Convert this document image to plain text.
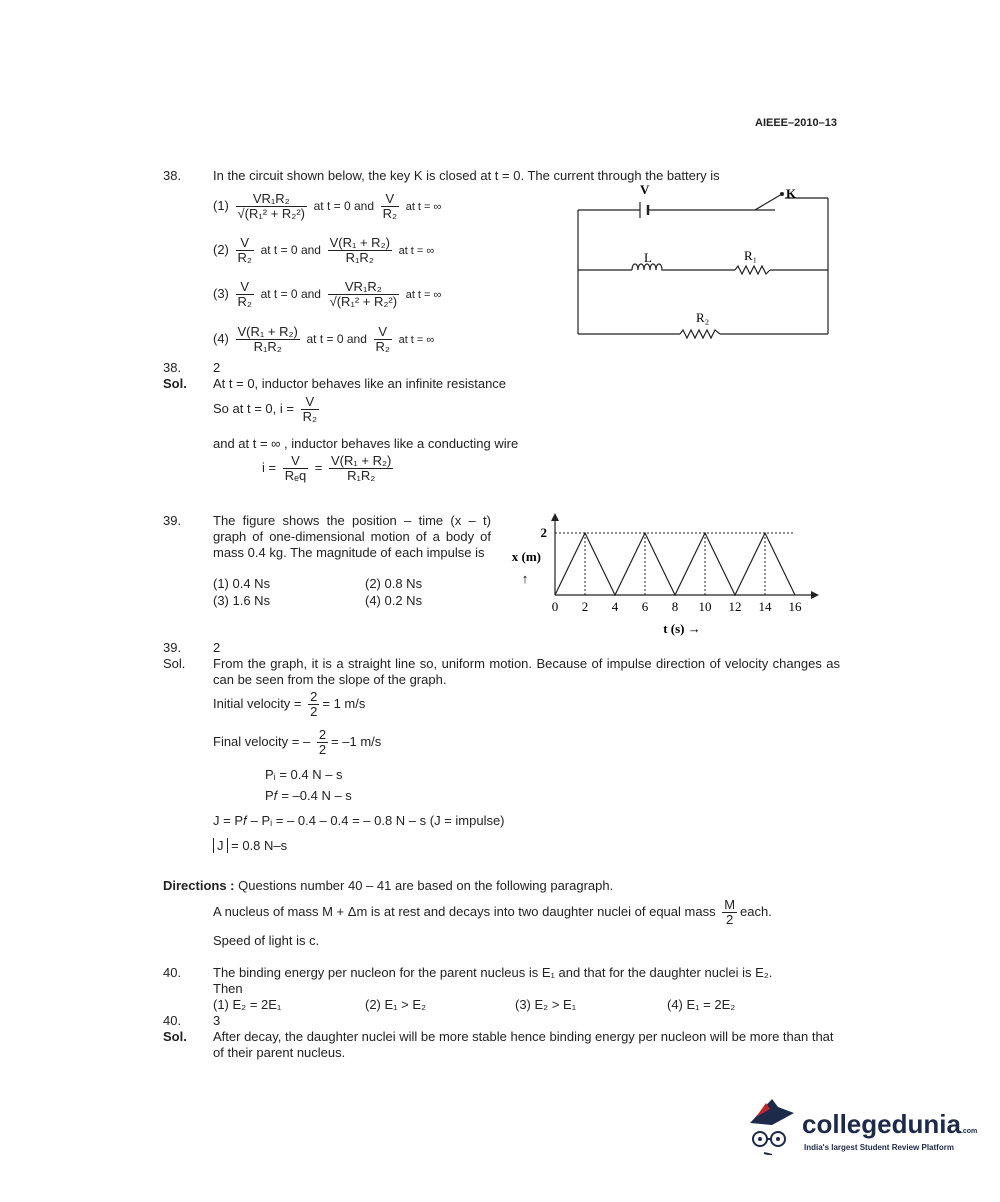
AIEEE–2010–13
38. In the circuit shown below, the key K is closed at t = 0. The current through the battery is
$(1) \frac{\text{VR₁R₂}}{\text{√(R₁² + R₂²)}}$ at t = 0 and $\frac{V}{\text{R₂}}$ at t = ∞
$(2) \frac{V}{\text{R₂}}$ at t = 0 and $\frac{\text{V(R₁ + R₂)}}{\text{R₁R₂}}$ at t = ∞
$(3) \frac{V}{\text{R₂}}$ at t = 0 and $\frac{\text{VR₁R₂}}{\text{√(R₁² + R₂²)}}$ at t = ∞
$(4) \frac{\text{V(R₁ + R₂)}}{\text{R₁R₂}}$ at t = 0 and $\frac{V}{\text{R₂}}$ at t = ∞
V	K
L	R₁
R₂
38. 2
Sol. At t = 0, inductor behaves like an infinite resistance
So at t = 0, $i = \frac{V}{\text{R₂}}$
and at t = ∞ , inductor behaves like a conducting wire
$i = \frac{V}{\text{Rₑq}} = \frac{\text{V(R₁ + R₂)}}{\text{R₁R₂}}$
39. The figure shows the position – time (x – t) graph of one-dimensional motion of a body of mass 0.4 kg. The magnitude of each impulse is
(1) 0.4 Ns	(2) 0.8 Ns
(3) 1.6 Ns	(4) 0.2 Ns	0 2 4 6 8 10 12 14 16
2
x (m)
↑
t (s) →
39. 2
Sol. From the graph, it is a straight line so, uniform motion. Because of impulse direction of velocity changes as can be seen from the slope of the graph.
Initial velocity = $\frac{2}{2} = 1$ m/s
Final velocity = – $\frac{2}{2} = -1$ m/s
Pᵢ = 0.4 N – s
P𝑓 = –0.4 N – s
J = P𝑓 – Pᵢ = – 0.4 – 0.4 = – 0.8 N – s (J = impulse)
J = 0.8 N–s
Directions : Questions number 40 – 41 are based on the following paragraph.
A nucleus of mass M + Δm is at rest and decays into two daughter nuclei of equal mass $\frac{M}{2}$ each.
Speed of light is c.
40. The binding energy per nucleon for the parent nucleus is E₁ and that for the daughter nuclei is E₂.
Then
(1) E₂ = 2E₁	(2) E₁ > E₂	(3) E₂ > E₁	(4) E₁ = 2E₂
40. 3
Sol. After decay, the daughter nuclei will be more stable hence binding energy per nucleon will be more than that of their parent nucleus.
collegedunia.com
India's largest Student Review Platform
